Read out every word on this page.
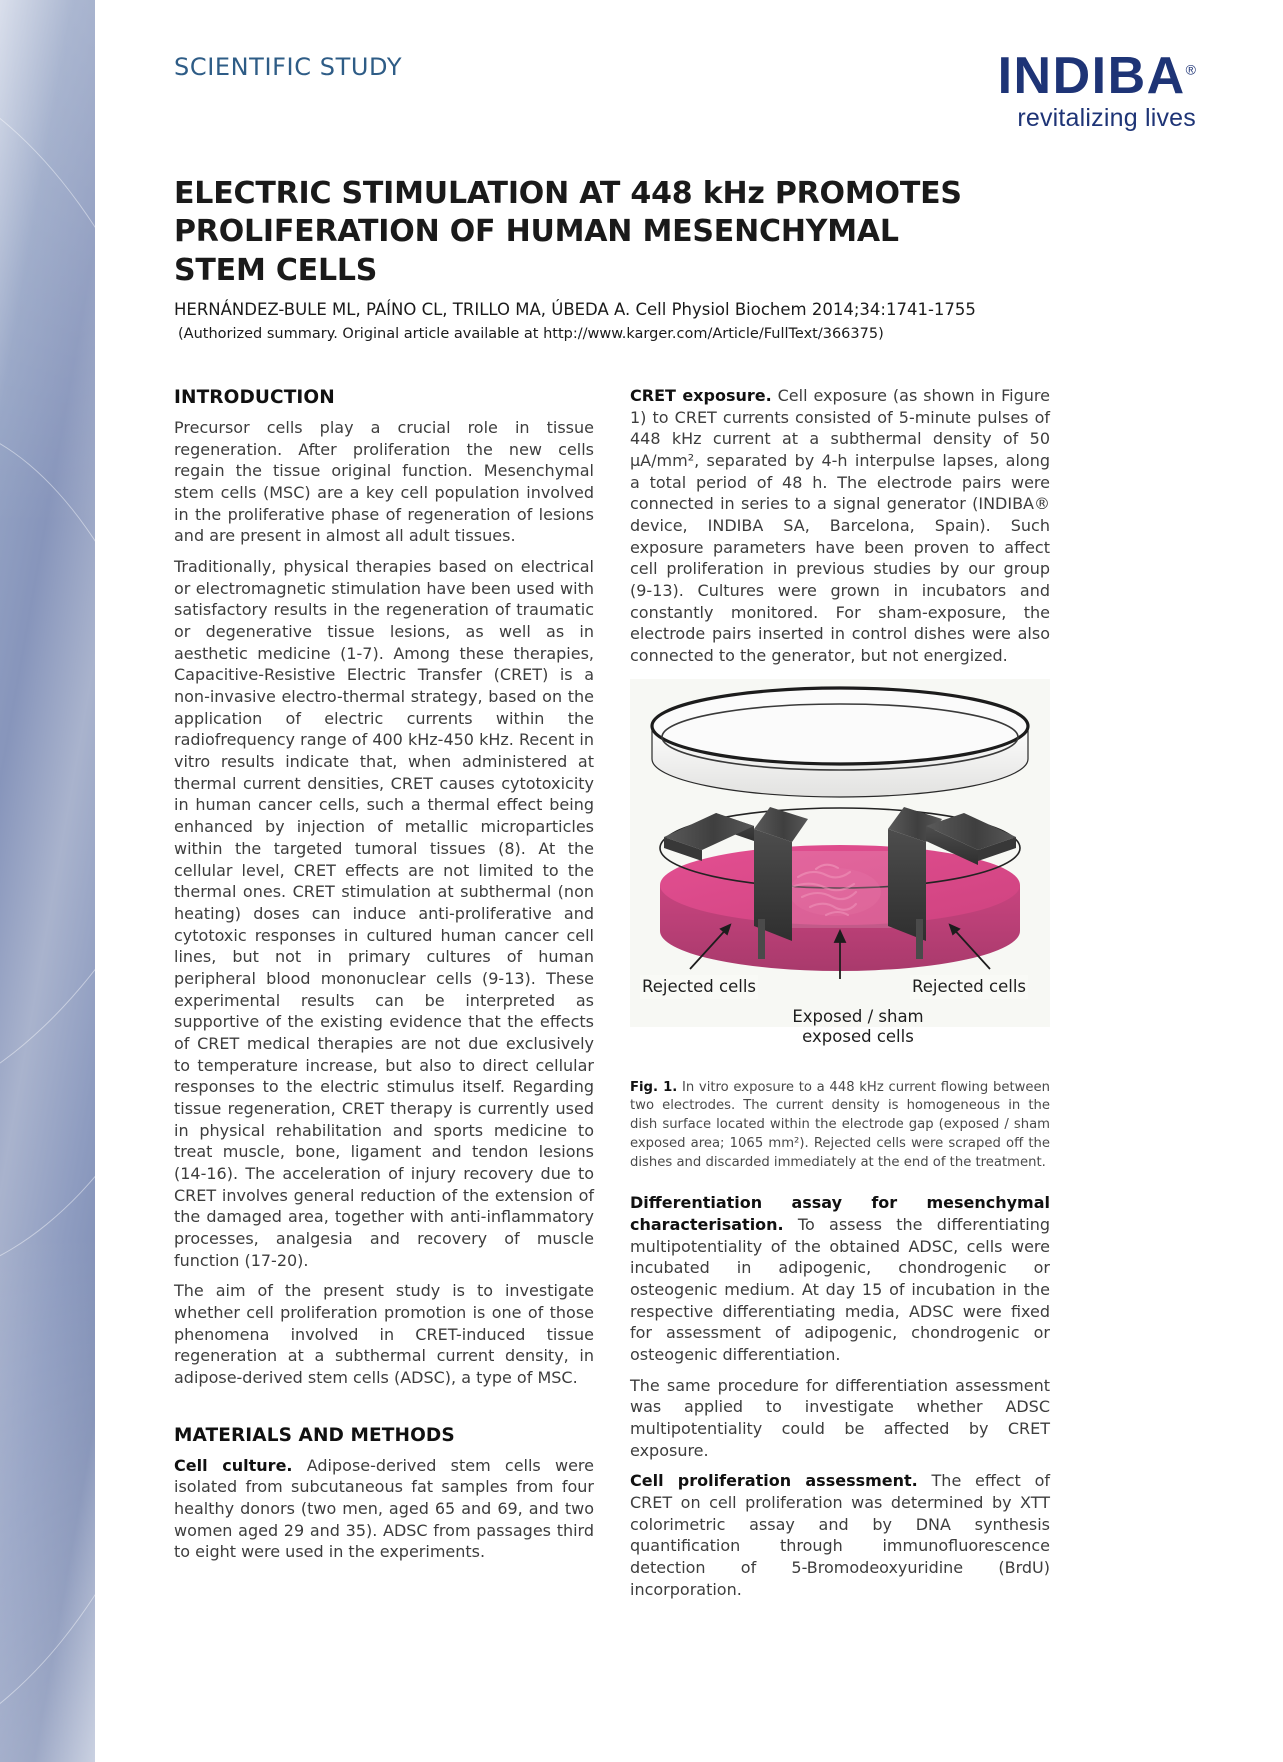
SCIENTIFIC STUDY	INDIBA®
revitalizing lives
ELECTRIC STIMULATION AT 448 kHz PROMOTES PROLIFERATION OF HUMAN MESENCHYMAL STEM CELLS
HERNÁNDEZ-BULE ML, PAÍNO CL, TRILLO MA, ÚBEDA A. Cell Physiol Biochem 2014;34:1741-1755
(Authorized summary. Original article available at http://www.karger.com/Article/FullText/366375)
INTRODUCTION

Precursor cells play a crucial role in tissue regeneration. After proliferation the new cells regain the tissue original function. Mesenchymal stem cells (MSC) are a key cell population involved in the proliferative phase of regeneration of lesions and are present in almost all adult tissues.

Traditionally, physical therapies based on electrical or electromagnetic stimulation have been used with satisfactory results in the regeneration of traumatic or degenerative tissue lesions, as well as in aesthetic medicine (1-7). Among these therapies, Capacitive-Resistive Electric Transfer (CRET) is a non-invasive electro-thermal strategy, based on the application of electric currents within the radiofrequency range of 400 kHz-450 kHz. Recent in vitro results indicate that, when administered at thermal current densities, CRET causes cytotoxicity in human cancer cells, such a thermal effect being enhanced by injection of metallic microparticles within the targeted tumoral tissues (8). At the cellular level, CRET effects are not limited to the thermal ones. CRET stimulation at subthermal (non heating) doses can induce anti-proliferative and cytotoxic responses in cultured human cancer cell lines, but not in primary cultures of human peripheral blood mononuclear cells (9-13). These experimental results can be interpreted as supportive of the existing evidence that the effects of CRET medical therapies are not due exclusively to temperature increase, but also to direct cellular responses to the electric stimulus itself. Regarding tissue regeneration, CRET therapy is currently used in physical rehabilitation and sports medicine to treat muscle, bone, ligament and tendon lesions (14-16). The acceleration of injury recovery due to CRET involves general reduction of the extension of the damaged area, together with anti-inflammatory processes, analgesia and recovery of muscle function (17-20).

The aim of the present study is to investigate whether cell proliferation promotion is one of those phenomena involved in CRET-induced tissue regeneration at a subthermal current density, in adipose-derived stem cells (ADSC), a type of MSC.

MATERIALS AND METHODS

Cell culture. Adipose-derived stem cells were isolated from subcutaneous fat samples from four healthy donors (two men, aged 65 and 69, and two women aged 29 and 35). ADSC from passages third to eight were used in the experiments.

CRET exposure. Cell exposure (as shown in Figure 1) to CRET currents consisted of 5-minute pulses of 448 kHz current at a subthermal density of 50 µA/mm², separated by 4-h interpulse lapses, along a total period of 48 h. The electrode pairs were connected in series to a signal generator (INDIBA® device, INDIBA SA, Barcelona, Spain). Such exposure parameters have been proven to affect cell proliferation in previous studies by our group (9-13). Cultures were grown in incubators and constantly monitored. For sham-exposure, the electrode pairs inserted in control dishes were also connected to the generator, but not energized.

Rejected cells	Rejected cells
Exposed / sham
exposed cells
Fig. 1. In vitro exposure to a 448 kHz current flowing between two electrodes. The current density is homogeneous in the dish surface located within the electrode gap (exposed / sham exposed area; 1065 mm²). Rejected cells were scraped off the dishes and discarded immediately at the end of the treatment.

Differentiation assay for mesenchymal characterisation. To assess the differentiating multipotentiality of the obtained ADSC, cells were incubated in adipogenic, chondrogenic or osteogenic medium. At day 15 of incubation in the respective differentiating media, ADSC were fixed for assessment of adipogenic, chondrogenic or osteogenic differentiation.

The same procedure for differentiation assessment was applied to investigate whether ADSC multipotentiality could be affected by CRET exposure.

Cell proliferation assessment. The effect of CRET on cell proliferation was determined by XTT colorimetric assay and by DNA synthesis quantification through immunofluorescence detection of 5-Bromodeoxyuridine (BrdU) incorporation.
